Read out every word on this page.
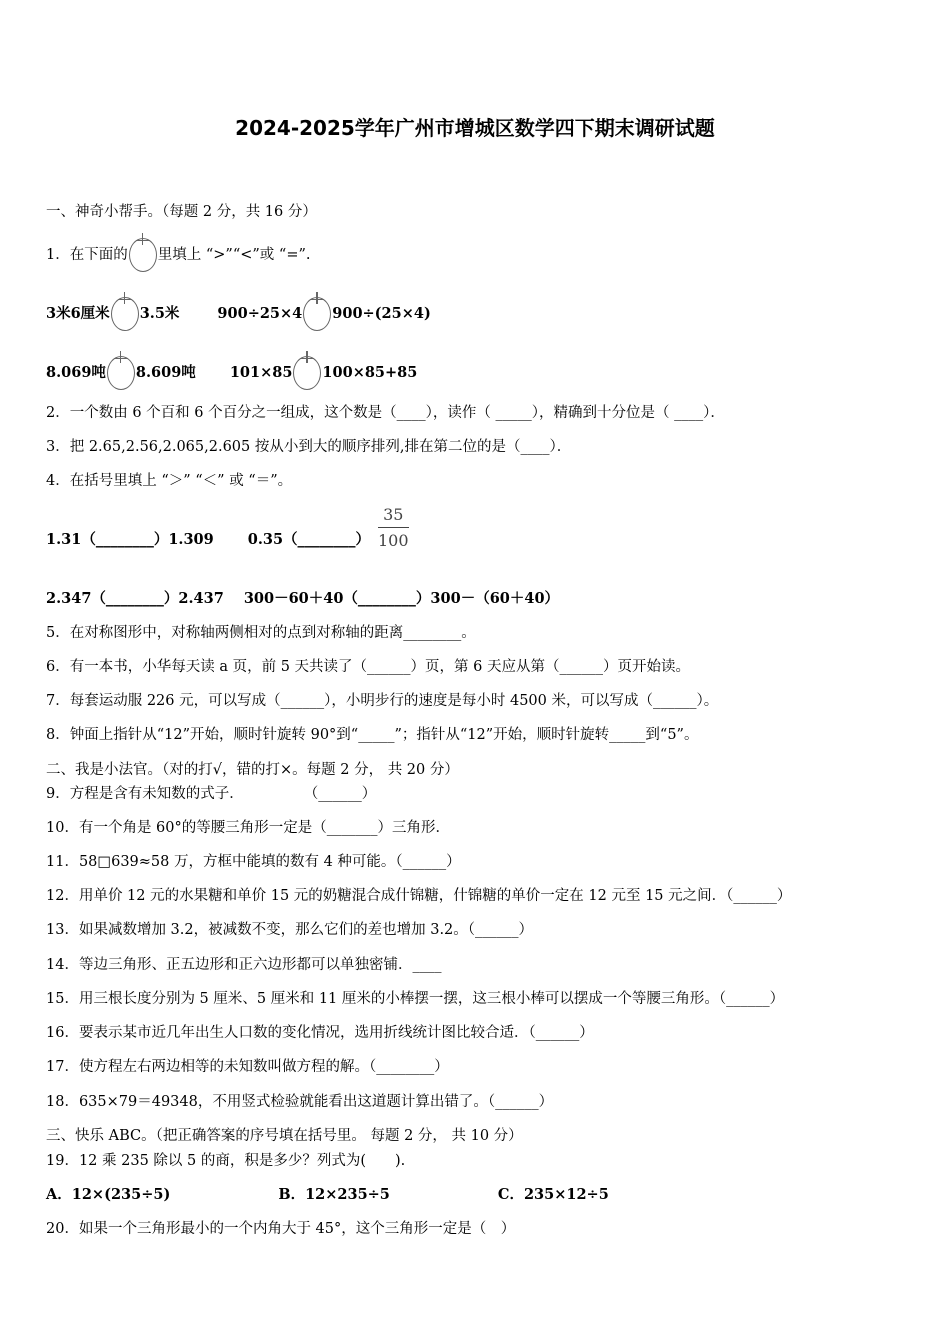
2024-2025学年广州市增城区数学四下期末调研试题
一、神奇小帮手。（每题 2 分，共 16 分）
1．在下面的 里填上 “>”“<”或 “=”.
3米6厘米 3.5米	900÷25×4 900÷(25×4)
8.069吨 8.609吨 101×85 100×85+85
2．一个数由 6 个百和 6 个百分之一组成，这个数是（____），读作（ _____），精确到十分位是（ ____）．
3．把 2.65,2.56,2.065,2.605 按从小到大的顺序排列,排在第二位的是（____）．
4．在括号里填上 “＞” “＜” 或 “＝”。
1.31（________）1.309 0.35（________）
35
100
2.347（________）2.437 300－60＋40（________）300－（60＋40）
5．在对称图形中，对称轴两侧相对的点到对称轴的距离________。
6．有一本书，小华每天读 a 页，前 5 天共读了（______）页，第 6 天应从第（______）页开始读。
7．每套运动服 226 元，可以写成（______），小明步行的速度是每小时 4500 米，可以写成（______）。
8．钟面上指针从“12”开始，顺时针旋转 90°到“_____”；指针从“12”开始，顺时针旋转_____到“5”。
二、我是小法官。（对的打√，错的打×。每题 2 分， 共 20 分）
9．方程是含有未知数的式子．	（______）
10．有一个角是 60°的等腰三角形一定是（_______）三角形．
11．58□639≈58 万，方框中能填的数有 4 种可能。（______）
12．用单价 12 元的水果糖和单价 15 元的奶糖混合成什锦糖，什锦糖的单价一定在 12 元至 15 元之间．（______）
13．如果减数增加 3.2，被减数不变，那么它们的差也增加 3.2。（______）
14．等边三角形、正五边形和正六边形都可以单独密铺．____
15．用三根长度分别为 5 厘米、5 厘米和 11 厘米的小棒摆一摆，这三根小棒可以摆成一个等腰三角形。（______）
16．要表示某市近几年出生人口数的变化情况，选用折线统计图比较合适．（______）
17．使方程左右两边相等的未知数叫做方程的解。（________）
18．635×79＝49348，不用竖式检验就能看出这道题计算出错了。（______）
三、快乐 ABC。（把正确答案的序号填在括号里。 每题 2 分， 共 10 分）
19．12 乘 235 除以 5 的商，积是多少？列式为(　　).
A．12×(235÷5)	B．12×235÷5	C．235×12÷5
20．如果一个三角形最小的一个内角大于 45°，这个三角形一定是（　）
